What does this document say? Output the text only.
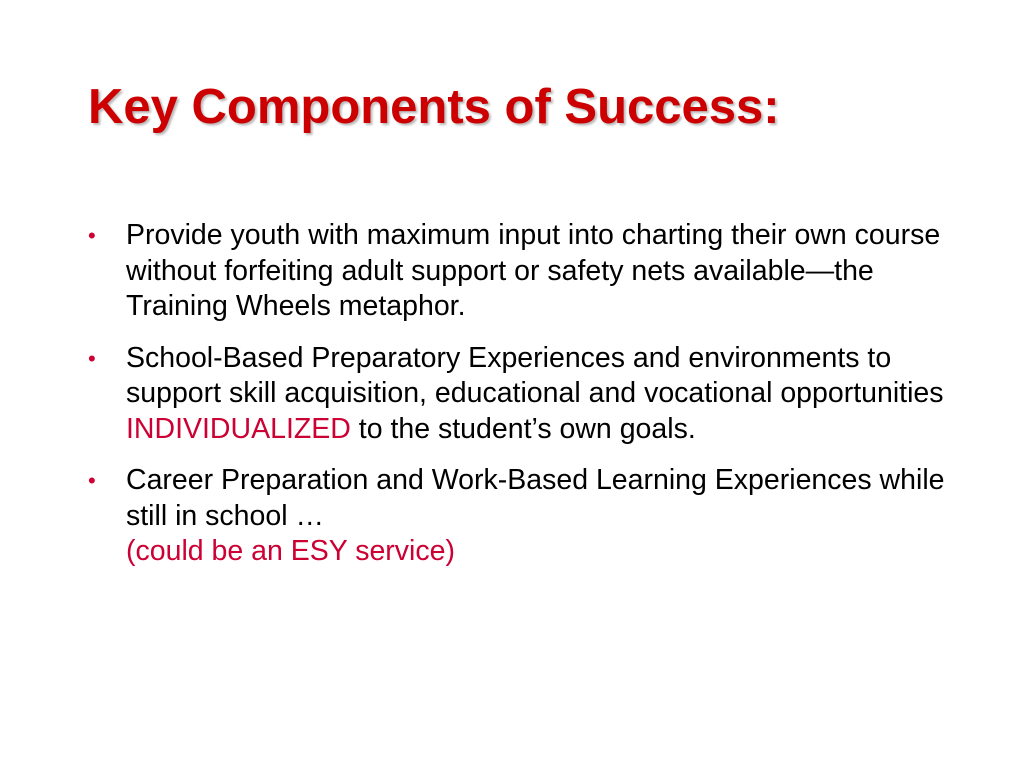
Key Components of Success:
• Provide youth with maximum input into charting their own course without forfeiting adult support or safety nets available—the Training Wheels metaphor.
• School-Based Preparatory Experiences and environments to support skill acquisition, educational and vocational opportunities INDIVIDUALIZED to the student’s own goals.
• Career Preparation and Work-Based Learning Experiences while still in school …
(could be an ESY service)
